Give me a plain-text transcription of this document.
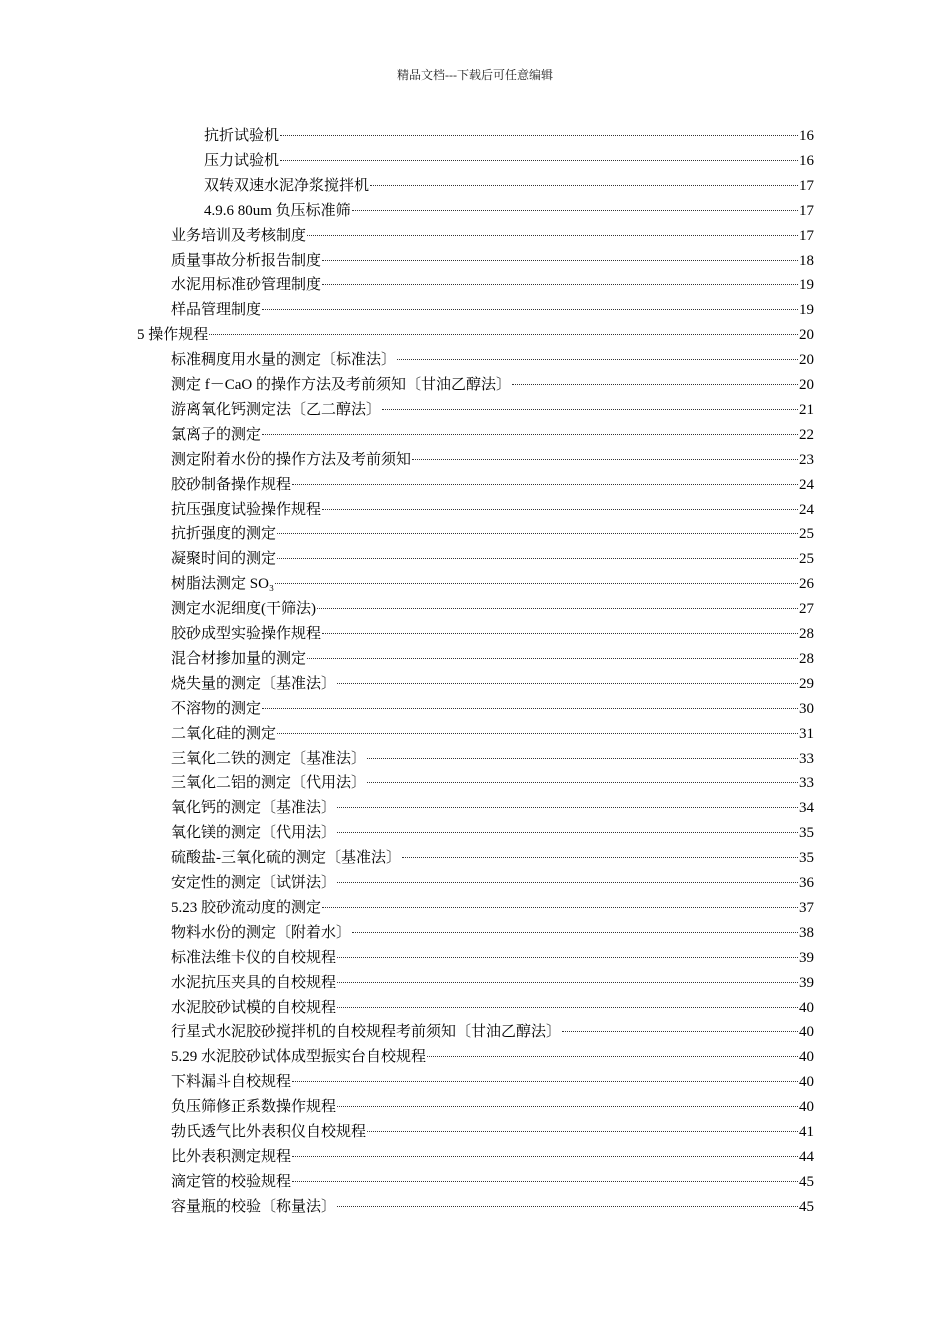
精品文档---下载后可任意编辑
抗折试验机	16
压力试验机	16
双转双速水泥净浆搅拌机	17
4.9.6 80um 负压标准筛	17
业务培训及考核制度	17
质量事故分析报告制度	18
水泥用标准砂管理制度	19
样品管理制度	19
5 操作规程	20
标准稠度用水量的测定〔标准法〕	20
测定 f－CaO 的操作方法及考前须知〔甘油乙醇法〕	20
游离氧化钙测定法〔乙二醇法〕	21
氯离子的测定	22
测定附着水份的操作方法及考前须知	23
胶砂制备操作规程	24
抗压强度试验操作规程	24
抗折强度的测定	25
凝聚时间的测定	25
树脂法测定 SO₃	26
测定水泥细度(干筛法)	27
胶砂成型实验操作规程	28
混合材掺加量的测定	28
烧失量的测定〔基准法〕	29
不溶物的测定	30
二氧化硅的测定	31
三氧化二铁的测定〔基准法〕	33
三氧化二铝的测定〔代用法〕	33
氧化钙的测定〔基准法〕	34
氧化镁的测定〔代用法〕	35
硫酸盐-三氧化硫的测定〔基准法〕	35
安定性的测定〔试饼法〕	36
5.23 胶砂流动度的测定	37
物料水份的测定〔附着水〕	38
标准法维卡仪的自校规程	39
水泥抗压夹具的自校规程	39
水泥胶砂试模的自校规程	40
行星式水泥胶砂搅拌机的自校规程考前须知〔甘油乙醇法〕	40
5.29 水泥胶砂试体成型振实台自校规程	40
下料漏斗自校规程	40
负压筛修正系数操作规程	40
勃氏透气比外表积仪自校规程	41
比外表积测定规程	44
滴定管的校验规程	45
容量瓶的校验〔称量法〕	45
